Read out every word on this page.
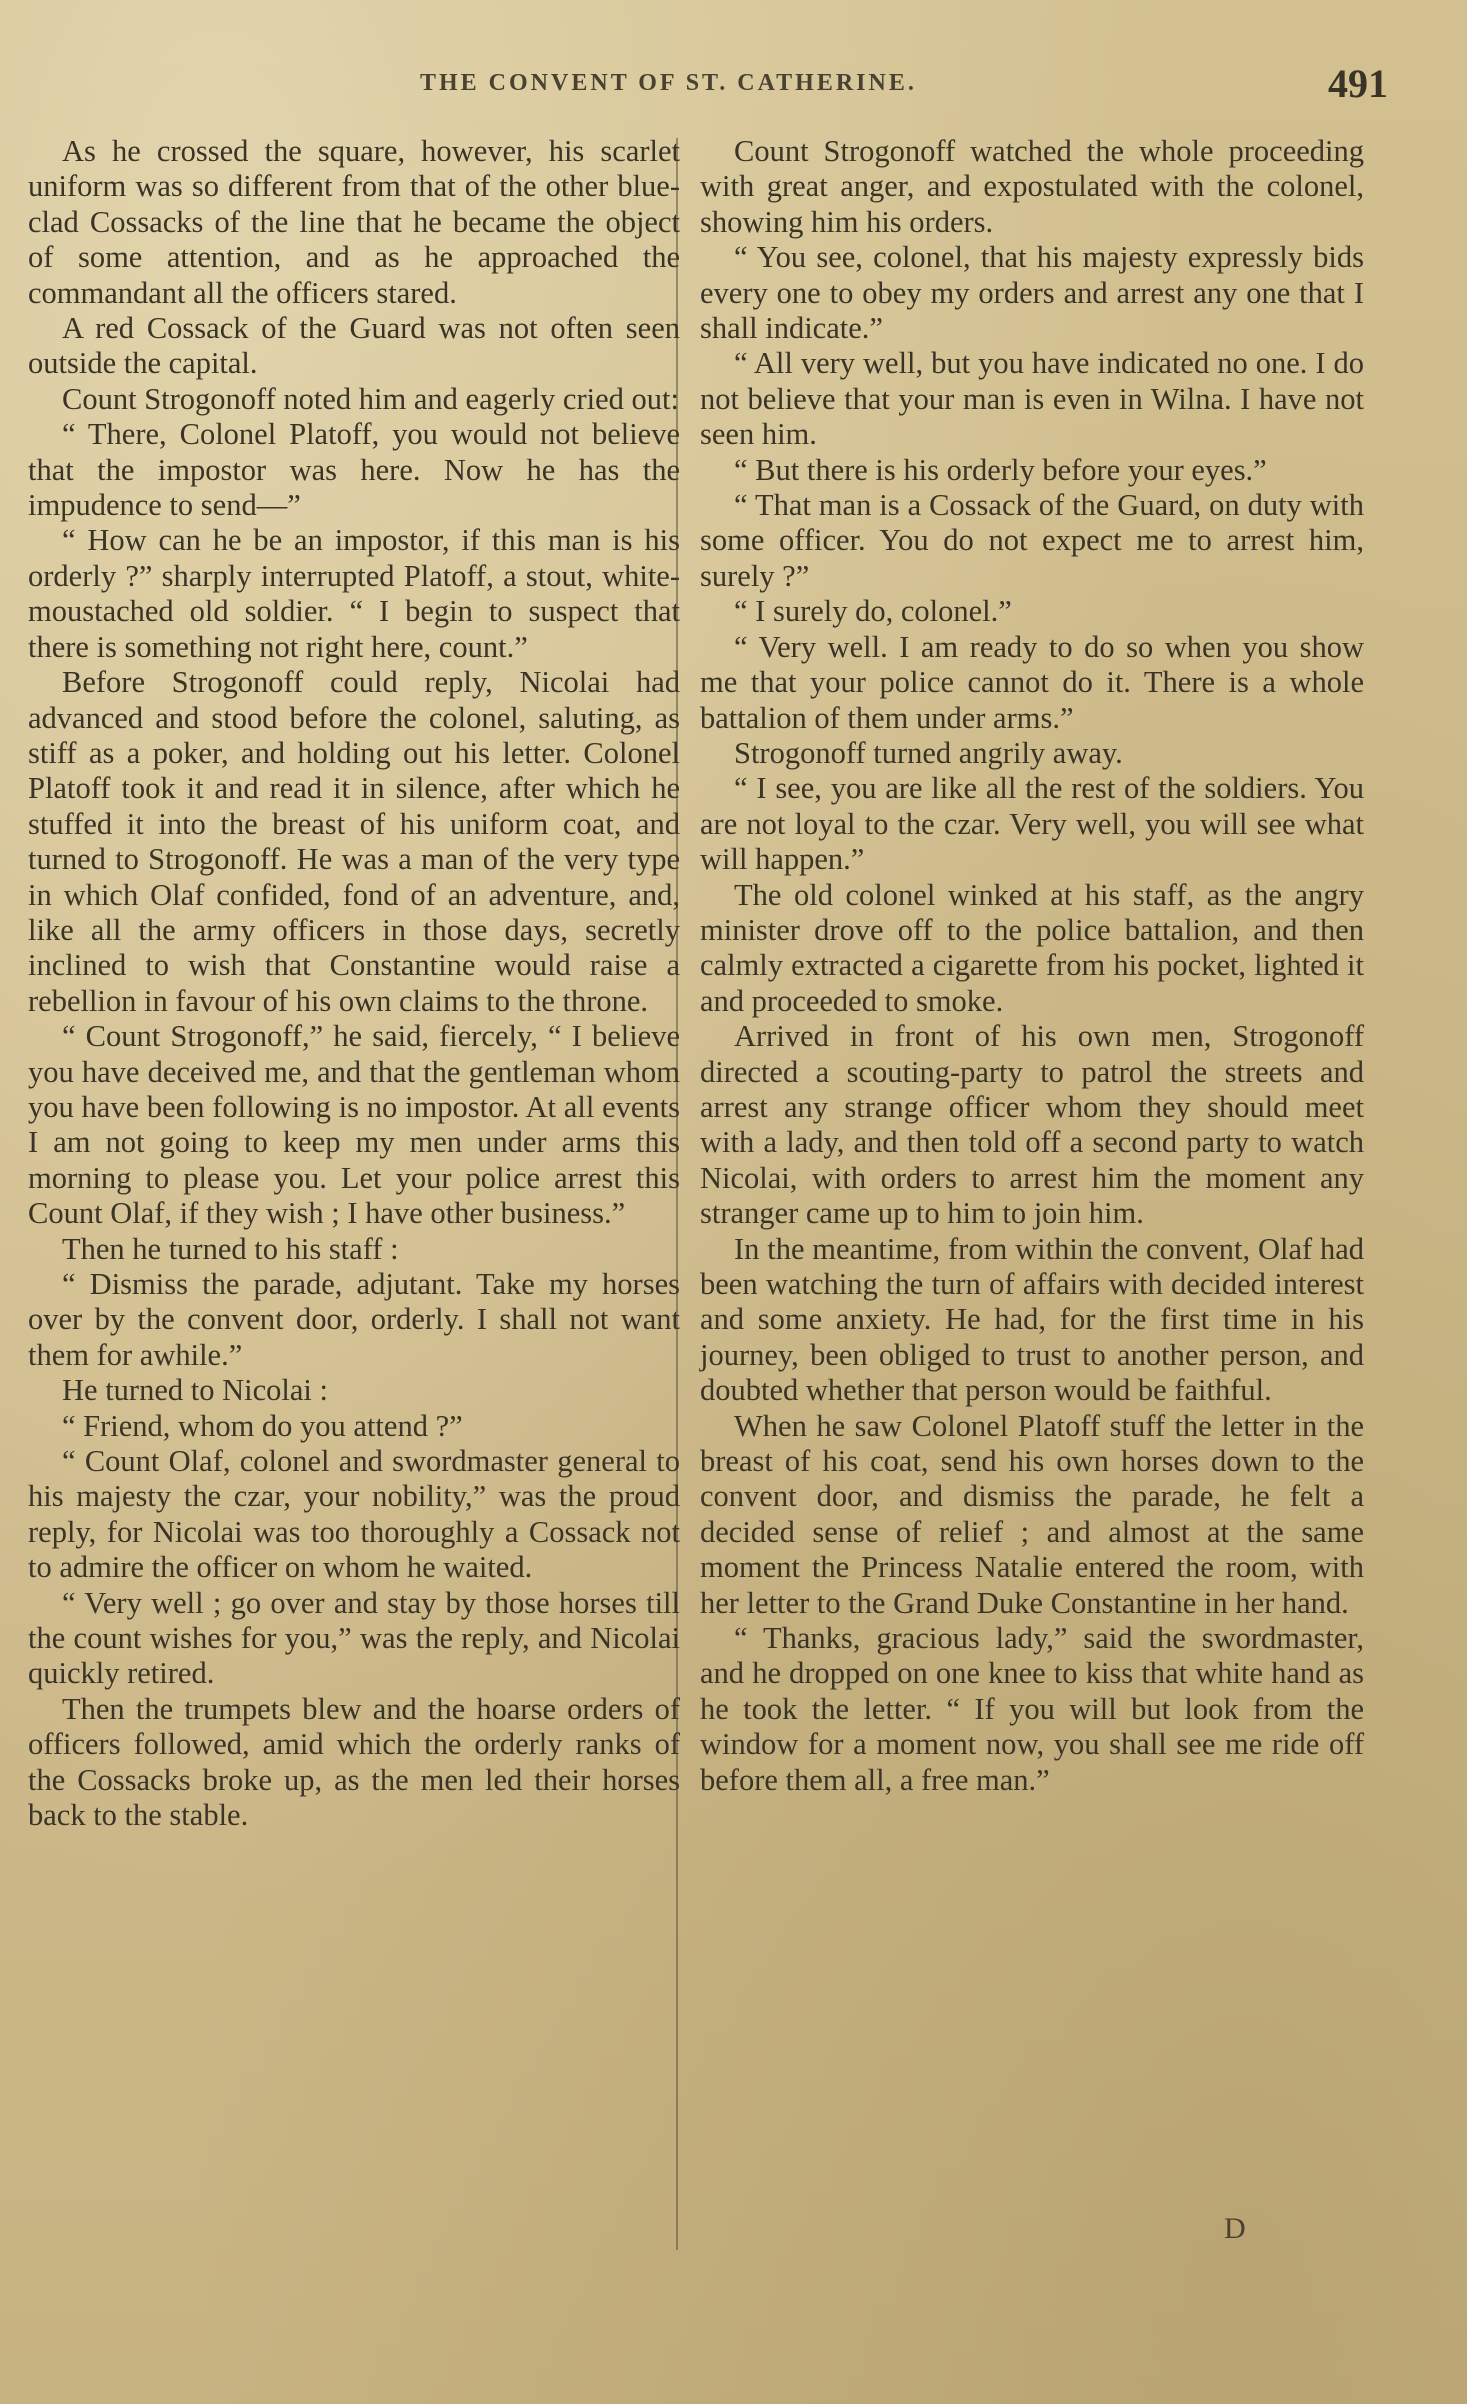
THE CONVENT OF ST. CATHERINE.	491

As he crossed the square, however, his scarlet uniform was so different from that of the other blue-clad Cossacks of the line that he became the object of some attention, and as he approached the commandant all the officers stared.

A red Cossack of the Guard was not often seen outside the capital.

Count Strogonoff noted him and eagerly cried out:

“ There, Colonel Platoff, you would not believe that the impostor was here. Now he has the impudence to send—”

“ How can he be an impostor, if this man is his orderly ?” sharply interrupted Platoff, a stout, white-moustached old soldier. “ I begin to suspect that there is something not right here, count.”

Before Strogonoff could reply, Nicolai had advanced and stood before the colonel, saluting, as stiff as a poker, and holding out his letter. Colonel Platoff took it and read it in silence, after which he stuffed it into the breast of his uniform coat, and turned to Strogonoff. He was a man of the very type in which Olaf confided, fond of an adventure, and, like all the army officers in those days, secretly inclined to wish that Constantine would raise a rebellion in favour of his own claims to the throne.

“ Count Strogonoff,” he said, fiercely, “ I believe you have deceived me, and that the gentleman whom you have been following is no impostor. At all events I am not going to keep my men under arms this morning to please you. Let your police arrest this Count Olaf, if they wish ; I have other business.”

Then he turned to his staff :

“ Dismiss the parade, adjutant. Take my horses over by the convent door, orderly. I shall not want them for awhile.”

He turned to Nicolai :

“ Friend, whom do you attend ?”

“ Count Olaf, colonel and swordmaster general to his majesty the czar, your nobility,” was the proud reply, for Nicolai was too thoroughly a Cossack not to admire the officer on whom he waited.

“ Very well ; go over and stay by those horses till the count wishes for you,” was the reply, and Nicolai quickly retired.

Then the trumpets blew and the hoarse orders of officers followed, amid which the orderly ranks of the Cossacks broke up, as the men led their horses back to the stable.

Count Strogonoff watched the whole proceeding with great anger, and expostulated with the colonel, showing him his orders.

“ You see, colonel, that his majesty expressly bids every one to obey my orders and arrest any one that I shall indicate.”

“ All very well, but you have indicated no one. I do not believe that your man is even in Wilna. I have not seen him.

“ But there is his orderly before your eyes.”

“ That man is a Cossack of the Guard, on duty with some officer. You do not expect me to arrest him, surely ?”

“ I surely do, colonel.”

“ Very well. I am ready to do so when you show me that your police cannot do it. There is a whole battalion of them under arms.”

Strogonoff turned angrily away.

“ I see, you are like all the rest of the soldiers. You are not loyal to the czar. Very well, you will see what will happen.”

The old colonel winked at his staff, as the angry minister drove off to the police battalion, and then calmly extracted a cigarette from his pocket, lighted it and proceeded to smoke.

Arrived in front of his own men, Strogonoff directed a scouting-party to patrol the streets and arrest any strange officer whom they should meet with a lady, and then told off a second party to watch Nicolai, with orders to arrest him the moment any stranger came up to him to join him.

In the meantime, from within the convent, Olaf had been watching the turn of affairs with decided interest and some anxiety. He had, for the first time in his journey, been obliged to trust to another person, and doubted whether that person would be faithful.

When he saw Colonel Platoff stuff the letter in the breast of his coat, send his own horses down to the convent door, and dismiss the parade, he felt a decided sense of relief ; and almost at the same moment the Princess Natalie entered the room, with her letter to the Grand Duke Constantine in her hand.

“ Thanks, gracious lady,” said the swordmaster, and he dropped on one knee to kiss that white hand as he took the letter. “ If you will but look from the window for a moment now, you shall see me ride off before them all, a free man.”

D
